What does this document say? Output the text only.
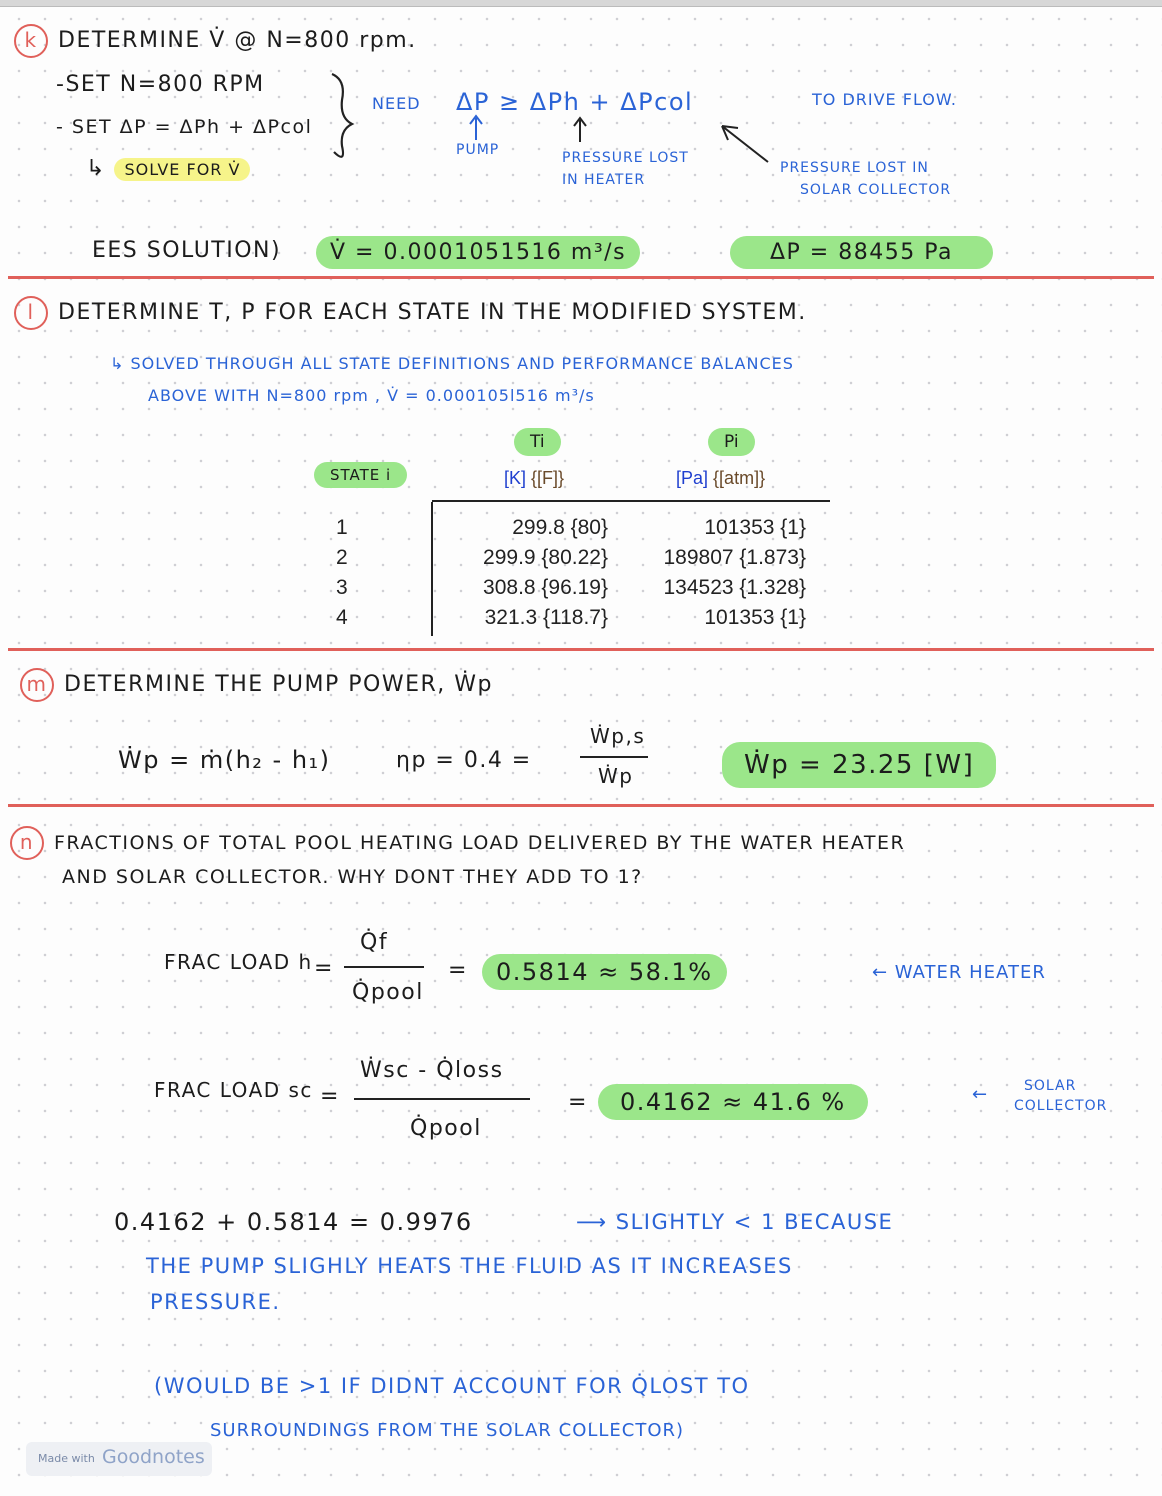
k DETERMINE V̇ @ N=800 rpm.
-SET N=800 RPM
- SET ΔP = ΔPh + ΔPcol
↳ SOLVE FOR V̇
NEED ΔP ≥ ΔPh + ΔPcol	TO DRIVE FLOW.
PUMP	PRESSURE LOST
IN HEATER
PRESSURE LOST IN
SOLAR COLLECTOR
EES SOLUTION)	V̇ = 0.0001051516 m³/s	ΔP = 88455 Pa
l DETERMINE T, P FOR EACH STATE IN THE MODIFIED SYSTEM.
↳ SOLVED THROUGH ALL STATE DEFINITIONS AND PERFORMANCE BALANCES
ABOVE WITH N=800 rpm , V̇ = 0.000105l516 m³/s
Ti	Pi
STATE i	[K] {[F]}	[Pa] {[atm]}
1	299.8 {80}	101353 {1}
2	299.9 {80.22}	189807 {1.873}
3	308.8 {96.19}	134523 {1.328}
4	321.3 {118.7}	101353 {1}
m DETERMINE THE PUMP POWER, Ẇp
Ẇp = ṁ(h₂ - h₁)	ηp = 0.4 =
Ẇp,s
Ẇp	Ẇp = 23.25 [W]
n FRACTIONS OF TOTAL POOL HEATING LOAD DELIVERED BY THE WATER HEATER
AND SOLAR COLLECTOR. WHY DONT THEY ADD TO 1?
FRAC LOAD h =
Q̇f
Q̇pool
=	0.5814 ≈ 58.1%	← WATER HEATER
FRAC LOAD sc =
Ẇsc - Q̇loss
Q̇pool
=	0.4162 ≈ 41.6 %	←	SOLAR
COLLECTOR
0.4162 + 0.5814 = 0.9976	⟶ SLIGHTLY < 1 BECAUSE
THE PUMP SLIGHLY HEATS THE FLUID AS IT INCREASES
PRESSURE.
(WOULD BE >1 IF DIDNT ACCOUNT FOR Q̇LOST TO
SURROUNDINGS FROM THE SOLAR COLLECTOR)
Made with Goodnotes
